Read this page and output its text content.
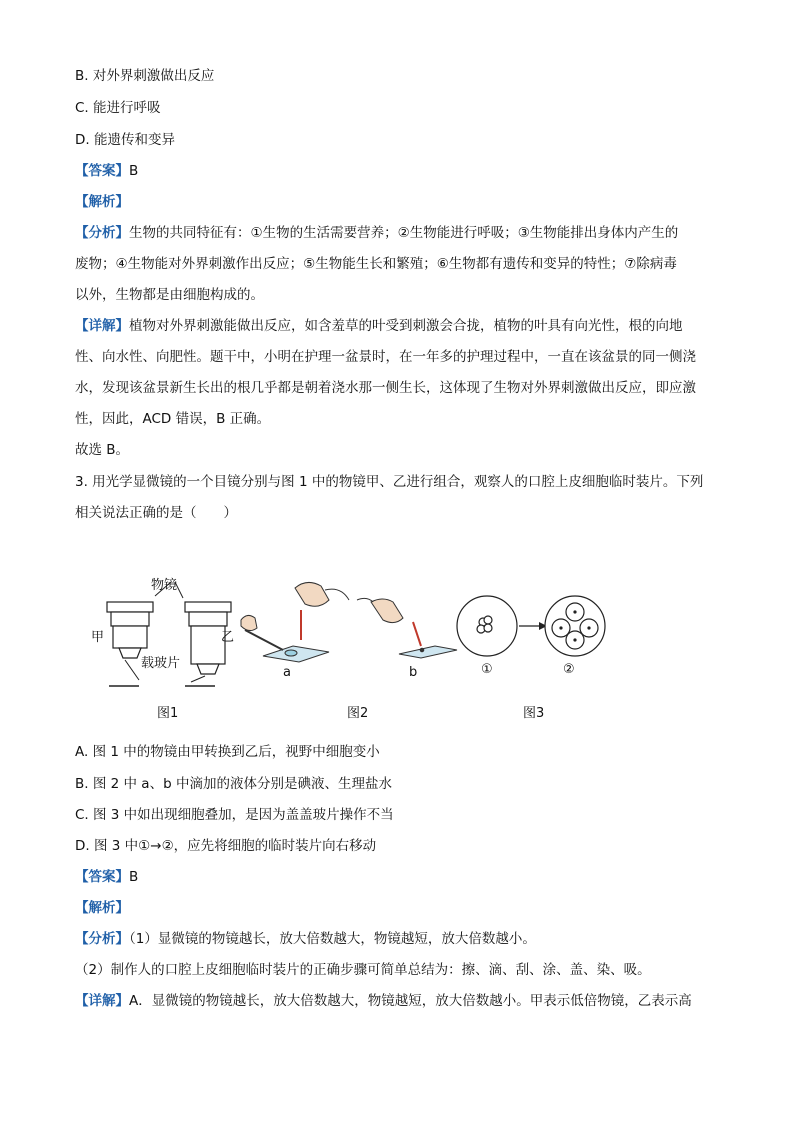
B. 对外界刺激做出反应
C. 能进行呼吸
D. 能遗传和变异
【答案】B
【解析】
【分析】生物的共同特征有：①生物的生活需要营养；②生物能进行呼吸；③生物能排出身体内产生的
废物；④生物能对外界刺激作出反应；⑤生物能生长和繁殖；⑥生物都有遗传和变异的特性；⑦除病毒
以外，生物都是由细胞构成的。
【详解】植物对外界刺激能做出反应，如含羞草的叶受到刺激会合拢，植物的叶具有向光性，根的向地
性、向水性、向肥性。题干中，小明在护理一盆景时，在一年多的护理过程中，一直在该盆景的同一侧浇
水，发现该盆景新生长出的根几乎都是朝着浇水那一侧生长，这体现了生物对外界刺激做出反应，即应激
性，因此，ACD 错误，B 正确。
故选 B。
3. 用光学显微镜的一个目镜分别与图 1 中的物镜甲、乙进行组合，观察人的口腔上皮细胞临时装片。下列
相关说法正确的是（　　）
物镜
甲	乙
载玻片
a	b	①	②
图1	图2	图3
A. 图 1 中的物镜由甲转换到乙后，视野中细胞变小
B. 图 2 中 a、b 中滴加的液体分别是碘液、生理盐水
C. 图 3 中如出现细胞叠加，是因为盖盖玻片操作不当
D. 图 3 中①→②，应先将细胞的临时装片向右移动
【答案】B
【解析】
【分析】（1）显微镜的物镜越长，放大倍数越大，物镜越短，放大倍数越小。
（2）制作人的口腔上皮细胞临时装片的正确步骤可简单总结为：擦、滴、刮、涂、盖、染、吸。
【详解】A．显微镜的物镜越长，放大倍数越大，物镜越短，放大倍数越小。甲表示低倍物镜，乙表示高
